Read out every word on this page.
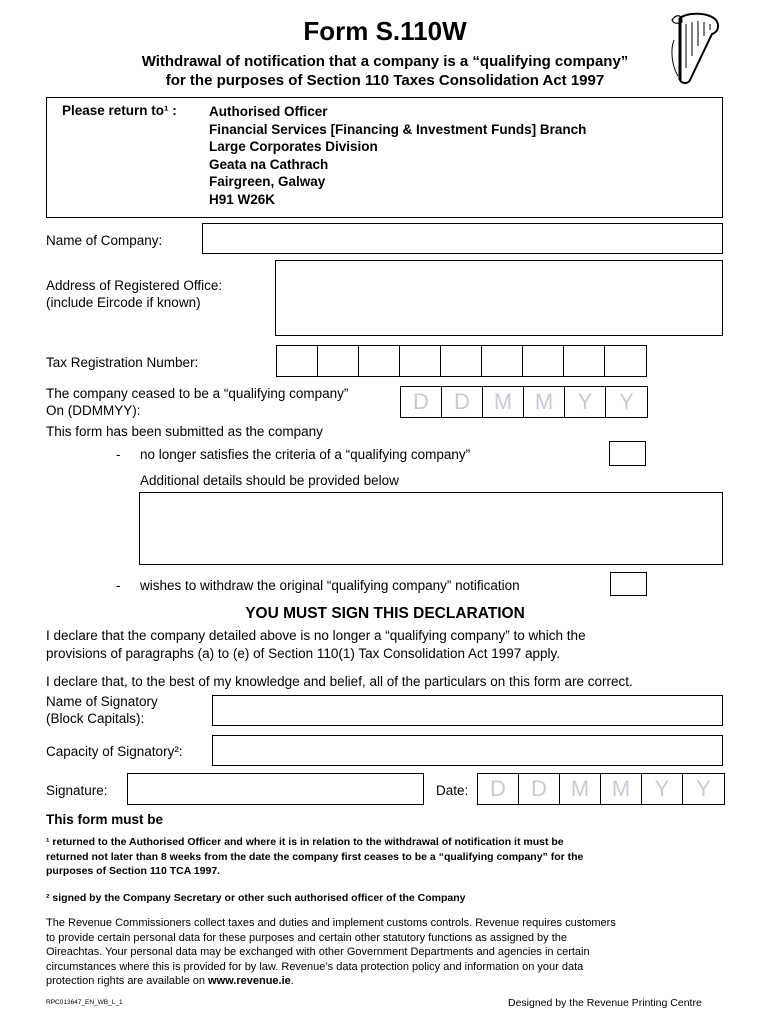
Form S.110W
Withdrawal of notification that a company is a “qualifying company”
for the purposes of Section 110 Taxes Consolidation Act 1997
Please return to¹ : Authorised Officer
Financial Services [Financing & Investment Funds] Branch
Large Corporates Division
Geata na Cathrach
Fairgreen, Galway
H91 W26K
Name of Company:
Address of Registered Office:
(include Eircode if known)
Tax Registration Number:
The company ceased to be a “qualifying company”
On (DDMMYY):	D	D	M	M	Y	Y
This form has been submitted as the company
- no longer satisfies the criteria of a “qualifying company”
Additional details should be provided below
- wishes to withdraw the original “qualifying company” notification
YOU MUST SIGN THIS DECLARATION
I declare that the company detailed above is no longer a “qualifying company” to which the
provisions of paragraphs (a) to (e) of Section 110(1) Tax Consolidation Act 1997 apply.
I declare that, to the best of my knowledge and belief, all of the particulars on this form are correct.
Name of Signatory
(Block Capitals):
Capacity of Signatory²:
Signature:	Date: D	D	M	M	Y	Y
This form must be
¹ returned to the Authorised Officer and where it is in relation to the withdrawal of notification it must be
returned not later than 8 weeks from the date the company first ceases to be a “qualifying company” for the
purposes of Section 110 TCA 1997.
² signed by the Company Secretary or other such authorised officer of the Company
The Revenue Commissioners collect taxes and duties and implement customs controls. Revenue requires customers
to provide certain personal data for these purposes and certain other statutory functions as assigned by the
Oireachtas. Your personal data may be exchanged with other Government Departments and agencies in certain
circumstances where this is provided for by law. Revenue’s data protection policy and information on your data
protection rights are available on www.revenue.ie.
RPC013647_EN_WB_L_1	Designed by the Revenue Printing Centre
